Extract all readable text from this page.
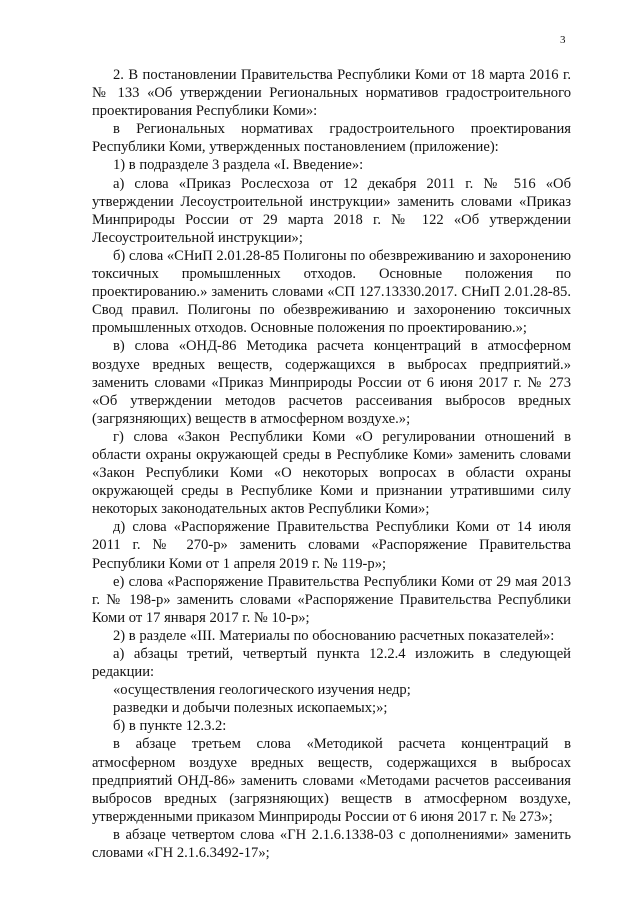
3

2. В постановлении Правительства Республики Коми от 18 марта 2016 г. № 133 «Об утверждении Региональных нормативов градостроительного проектирования Республики Коми»:

в Региональных нормативах градостроительного проектирования Республики Коми, утвержденных постановлением (приложение):

1) в подразделе 3 раздела «I. Введение»:

а) слова «Приказ Рослесхоза от 12 декабря 2011 г. № 516 «Об утверждении Лесоустроительной инструкции» заменить словами «Приказ Минприроды России от 29 марта 2018 г. № 122 «Об утверждении Лесоустроительной инструкции»;

б) слова «СНиП 2.01.28-85 Полигоны по обезвреживанию и захоронению токсичных промышленных отходов. Основные положения по проектированию.» заменить словами «СП 127.13330.2017. СНиП 2.01.28-85. Свод правил. Полигоны по обезвреживанию и захоронению токсичных промышленных отходов. Основные положения по проектированию.»;

в) слова «ОНД-86 Методика расчета концентраций в атмосферном воздухе вредных веществ, содержащихся в выбросах предприятий.» заменить словами «Приказ Минприроды России от 6 июня 2017 г. № 273 «Об утверждении методов расчетов рассеивания выбросов вредных (загрязняющих) веществ в атмосферном воздухе.»;

г) слова «Закон Республики Коми «О регулировании отношений в области охраны окружающей среды в Республике Коми» заменить словами «Закон Республики Коми «О некоторых вопросах в области охраны окружающей среды в Республике Коми и признании утратившими силу некоторых законодательных актов Республики Коми»;

д) слова «Распоряжение Правительства Республики Коми от 14 июля 2011 г. № 270-р» заменить словами «Распоряжение Правительства Республики Коми от 1 апреля 2019 г. № 119-р»;

е) слова «Распоряжение Правительства Республики Коми от 29 мая 2013 г. № 198-р» заменить словами «Распоряжение Правительства Республики Коми от 17 января 2017 г. № 10-р»;

2) в разделе «III. Материалы по обоснованию расчетных показателей»:

а) абзацы третий, четвертый пункта 12.2.4 изложить в следующей редакции:

«осуществления геологического изучения недр;

разведки и добычи полезных ископаемых;»;

б) в пункте 12.3.2:

в абзаце третьем слова «Методикой расчета концентраций в атмосферном воздухе вредных веществ, содержащихся в выбросах предприятий ОНД-86» заменить словами «Методами расчетов рассеивания выбросов вредных (загрязняющих) веществ в атмосферном воздухе, утвержденными приказом Минприроды России от 6 июня 2017 г. № 273»;

в абзаце четвертом слова «ГН 2.1.6.1338-03 с дополнениями» заменить словами «ГН 2.1.6.3492-17»;
